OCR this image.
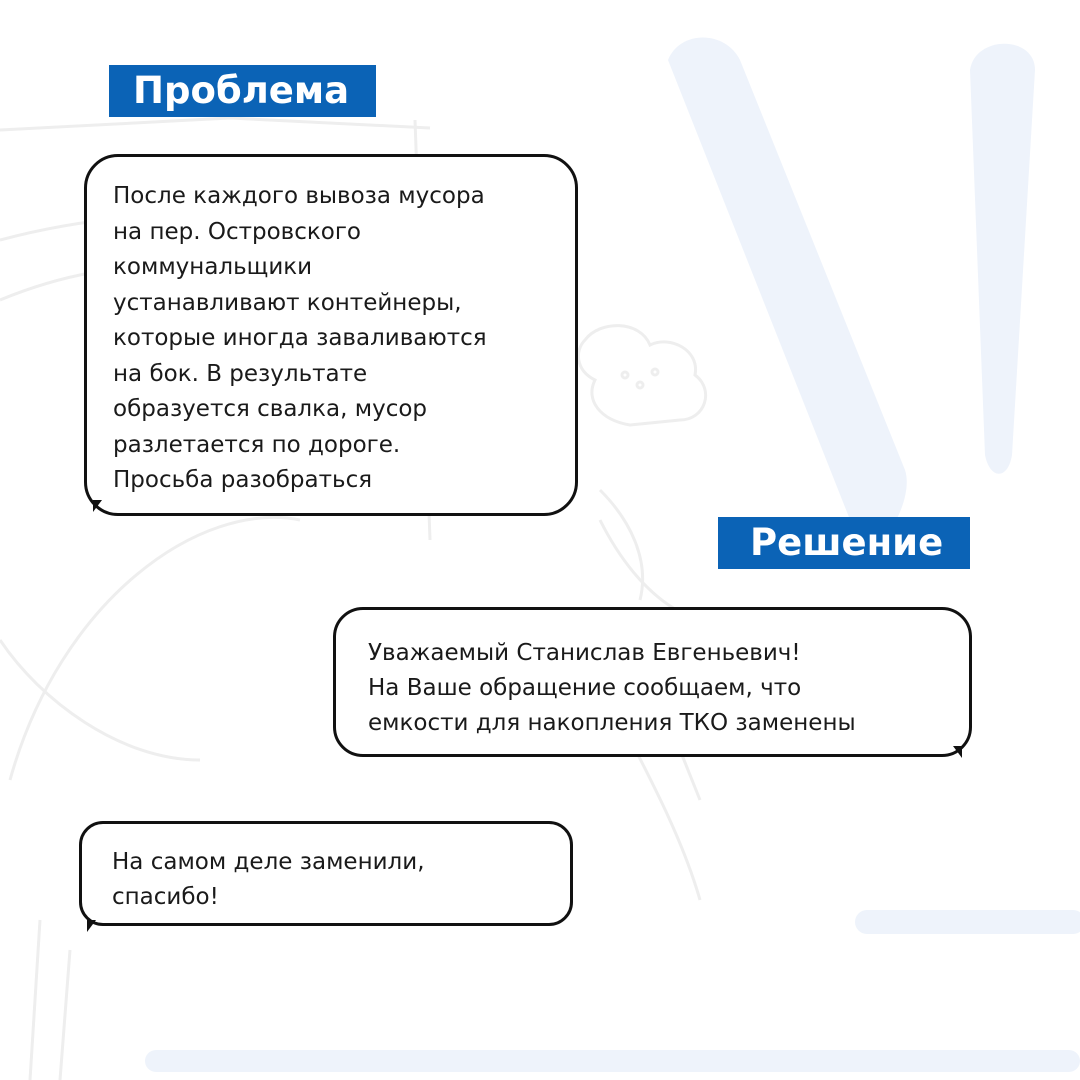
Проблема
После каждого вывоза мусора
на пер. Островского
коммунальщики
устанавливают контейнеры,
которые иногда заваливаются
на бок. В результате
образуется свалка, мусор
разлетается по дороге.
Просьба разобраться
Решение
Уважаемый Станислав Евгеньевич!
На Ваше обращение сообщаем, что
емкости для накопления ТКО заменены
На самом деле заменили,
спасибо!
